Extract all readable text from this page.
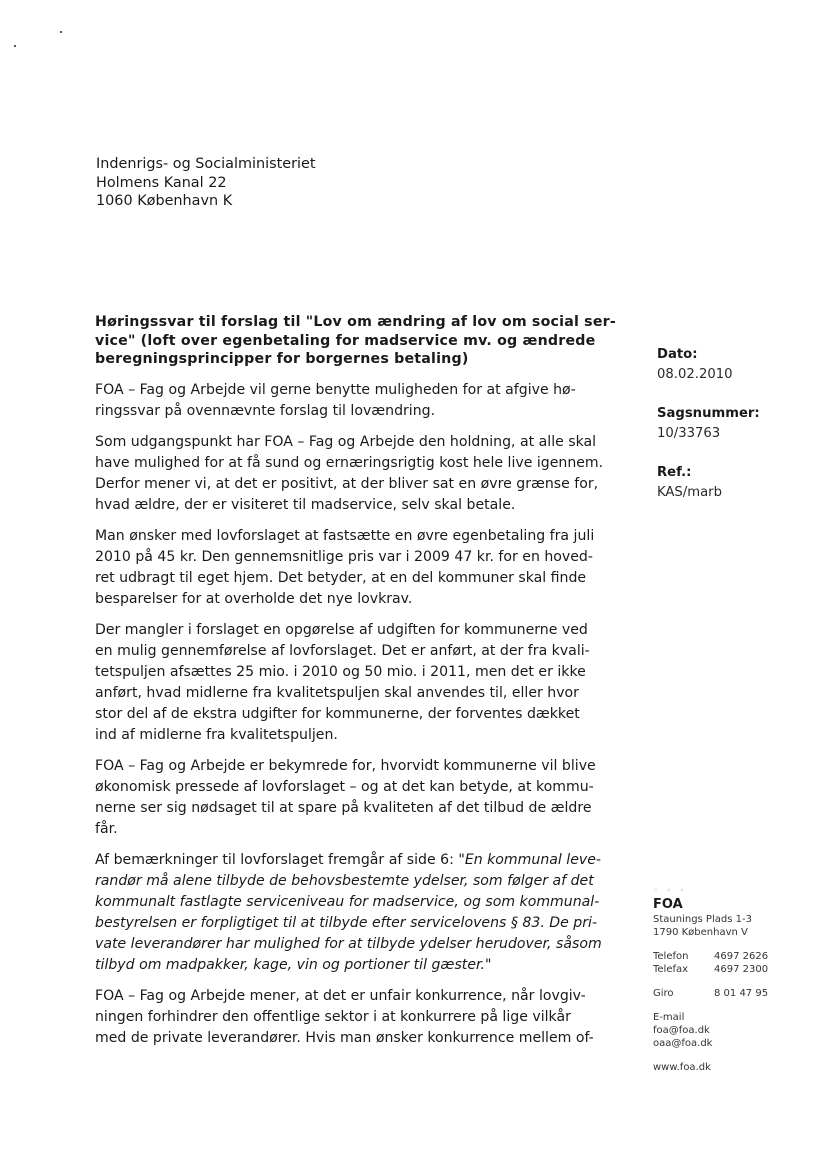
Indenrigs- og Socialministeriet
Holmens Kanal 22
1060 København K
Høringssvar til forslag til "Lov om ændring af lov om social ser-
vice" (loft over egenbetaling for madservice mv. og ændrede
beregningsprincipper for borgernes betaling)
FOA – Fag og Arbejde vil gerne benytte muligheden for at afgive hø-
ringssvar på ovennævnte forslag til lovændring.
Som udgangspunkt har FOA – Fag og Arbejde den holdning, at alle skal
have mulighed for at få sund og ernæringsrigtig kost hele live igennem.
Derfor mener vi, at det er positivt, at der bliver sat en øvre grænse for,
hvad ældre, der er visiteret til madservice, selv skal betale.
Man ønsker med lovforslaget at fastsætte en øvre egenbetaling fra juli
2010 på 45 kr. Den gennemsnitlige pris var i 2009 47 kr. for en hoved-
ret udbragt til eget hjem. Det betyder, at en del kommuner skal finde
besparelser for at overholde det nye lovkrav.
Der mangler i forslaget en opgørelse af udgiften for kommunerne ved
en mulig gennemførelse af lovforslaget. Det er anført, at der fra kvali-
tetspuljen afsættes 25 mio. i 2010 og 50 mio. i 2011, men det er ikke
anført, hvad midlerne fra kvalitetspuljen skal anvendes til, eller hvor
stor del af de ekstra udgifter for kommunerne, der forventes dækket
ind af midlerne fra kvalitetspuljen.
FOA – Fag og Arbejde er bekymrede for, hvorvidt kommunerne vil blive
økonomisk pressede af lovforslaget – og at det kan betyde, at kommu-
nerne ser sig nødsaget til at spare på kvaliteten af det tilbud de ældre
får.
Af bemærkninger til lovforslaget fremgår af side 6: "En kommunal leve-
randør må alene tilbyde de behovsbestemte ydelser, som følger af det
kommunalt fastlagte serviceniveau for madservice, og som kommunal-
bestyrelsen er forpligtiget til at tilbyde efter servicelovens § 83. De pri-
vate leverandører har mulighed for at tilbyde ydelser herudover, såsom
tilbyd om madpakker, kage, vin og portioner til gæster."
FOA – Fag og Arbejde mener, at det er unfair konkurrence, når lovgiv-
ningen forhindrer den offentlige sektor i at konkurrere på lige vilkår
med de private leverandører. Hvis man ønsker konkurrence mellem of-
Dato:
08.02.2010
Sagsnummer:
10/33763
Ref.:
KAS/marb
◦ ◦ ◦
FOA
Staunings Plads 1-3
1790 København V
Telefon	4697 2626
Telefax	4697 2300
Giro	8 01 47 95
E-mail
foa@foa.dk
oaa@foa.dk
www.foa.dk
